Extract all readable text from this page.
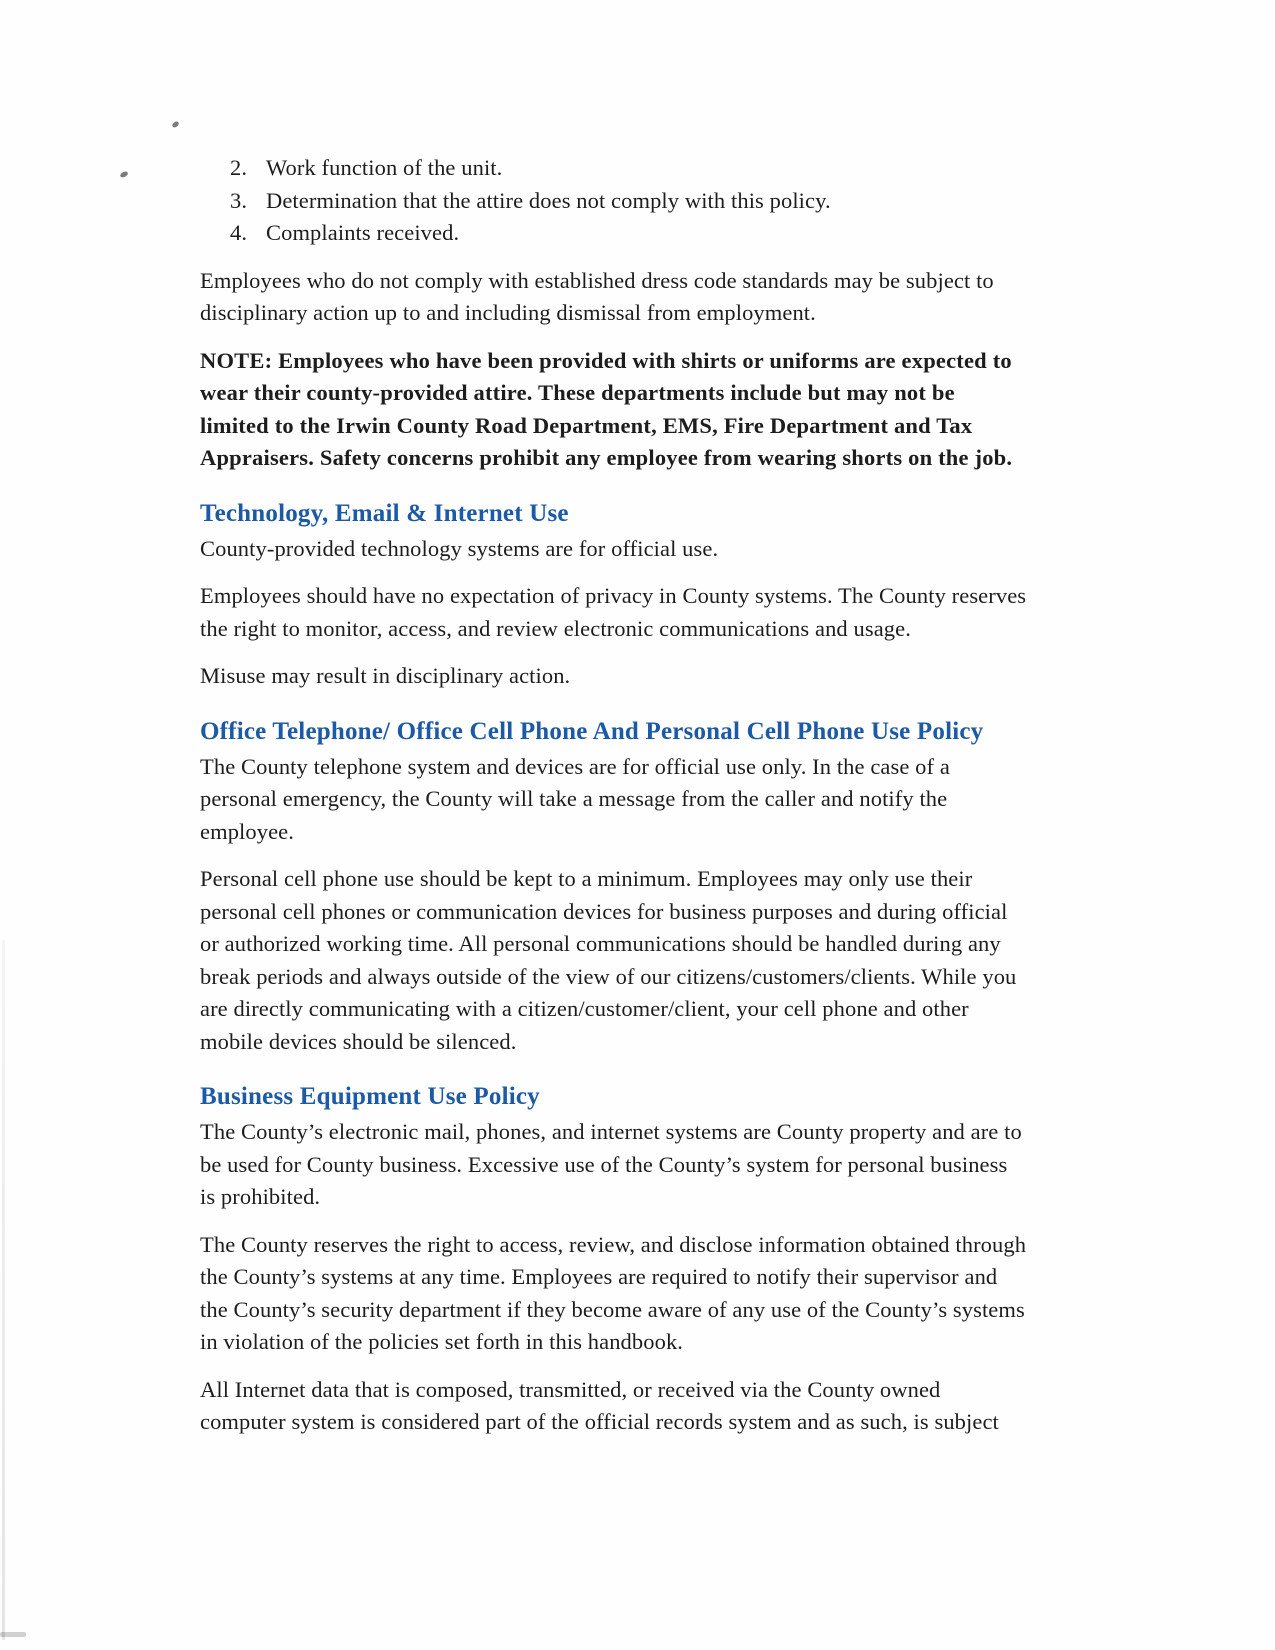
2. Work function of the unit.
3. Determination that the attire does not comply with this policy.
4. Complaints received.

Employees who do not comply with established dress code standards may be subject to disciplinary action up to and including dismissal from employment.

NOTE: Employees who have been provided with shirts or uniforms are expected to wear their county-provided attire. These departments include but may not be limited to the Irwin County Road Department, EMS, Fire Department and Tax Appraisers. Safety concerns prohibit any employee from wearing shorts on the job.

Technology, Email & Internet Use

County-provided technology systems are for official use.

Employees should have no expectation of privacy in County systems. The County reserves the right to monitor, access, and review electronic communications and usage.

Misuse may result in disciplinary action.

Office Telephone/ Office Cell Phone And Personal Cell Phone Use Policy

The County telephone system and devices are for official use only. In the case of a personal emergency, the County will take a message from the caller and notify the employee.

Personal cell phone use should be kept to a minimum. Employees may only use their personal cell phones or communication devices for business purposes and during official or authorized working time. All personal communications should be handled during any break periods and always outside of the view of our citizens/customers/clients. While you are directly communicating with a citizen/customer/client, your cell phone and other mobile devices should be silenced.

Business Equipment Use Policy

The County’s electronic mail, phones, and internet systems are County property and are to be used for County business. Excessive use of the County’s system for personal business is prohibited.

The County reserves the right to access, review, and disclose information obtained through the County’s systems at any time. Employees are required to notify their supervisor and the County’s security department if they become aware of any use of the County’s systems in violation of the policies set forth in this handbook.

All Internet data that is composed, transmitted, or received via the County owned computer system is considered part of the official records system and as such, is subject
